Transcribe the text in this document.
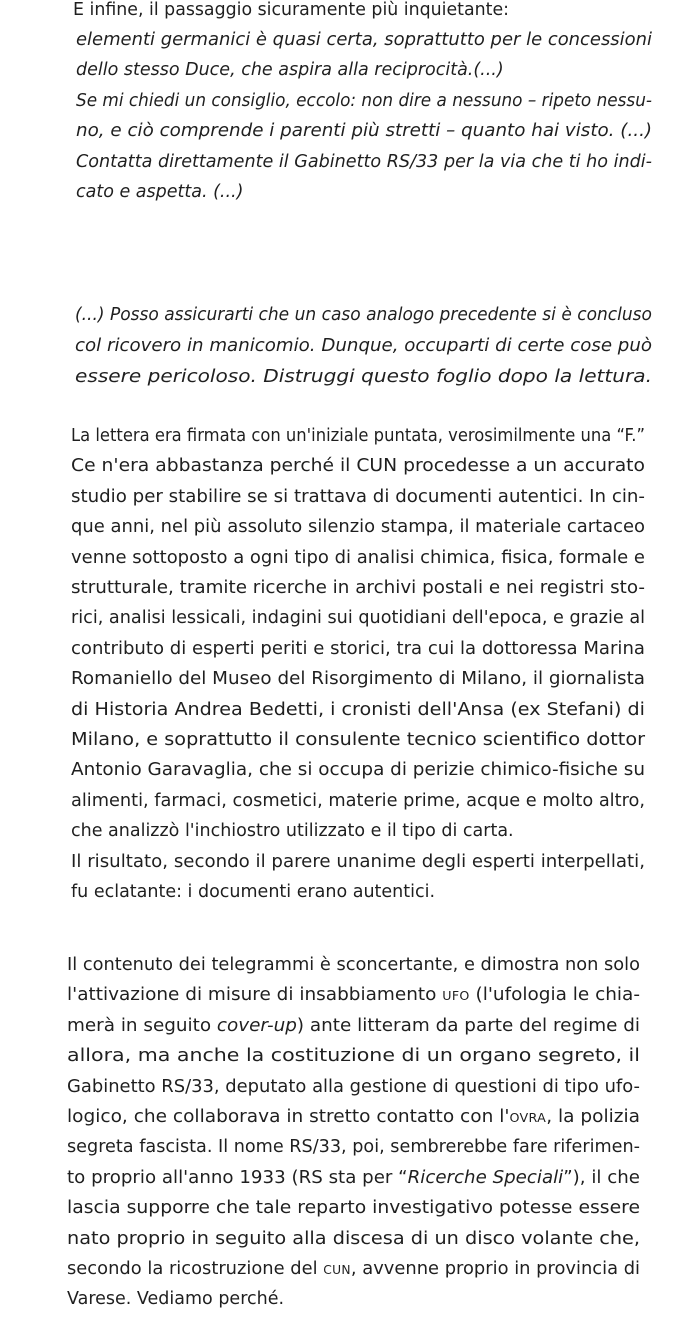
elementi germanici è quasi certa, soprattutto per le concessioni
dello stesso Duce, che aspira alla reciprocità.(...)
Se mi chiedi un consiglio, eccolo: non dire a nessuno – ripeto nessu-
no, e ciò comprende i parenti più stretti – quanto hai visto. (...)
Contatta direttamente il Gabinetto RS/33 per la via che ti ho indi-
cato e aspetta. (...)
E infine, il passaggio sicuramente più inquietante:
(...) Posso assicurarti che un caso analogo precedente si è concluso
col ricovero in manicomio. Dunque, occuparti di certe cose può
essere pericoloso. Distruggi questo foglio dopo la lettura.
La lettera era firmata con un'iniziale puntata, verosimilmente una “F.”
Ce n'era abbastanza perché il CUN procedesse a un accurato
studio per stabilire se si trattava di documenti autentici. In cin-
que anni, nel più assoluto silenzio stampa, il materiale cartaceo
venne sottoposto a ogni tipo di analisi chimica, fisica, formale e
strutturale, tramite ricerche in archivi postali e nei registri sto-
rici, analisi lessicali, indagini sui quotidiani dell'epoca, e grazie al
contributo di esperti periti e storici, tra cui la dottoressa Marina
Romaniello del Museo del Risorgimento di Milano, il giornalista
di Historia Andrea Bedetti, i cronisti dell'Ansa (ex Stefani) di
Milano, e soprattutto il consulente tecnico scientifico dottor
Antonio Garavaglia, che si occupa di perizie chimico-fisiche su
alimenti, farmaci, cosmetici, materie prime, acque e molto altro,
che analizzò l'inchiostro utilizzato e il tipo di carta.
Il risultato, secondo il parere unanime degli esperti interpellati,
fu eclatante: i documenti erano autentici.
Il contenuto dei telegrammi è sconcertante, e dimostra non solo
l'attivazione di misure di insabbiamento ufo (l'ufologia le chia-
merà in seguito cover-up) ante litteram da parte del regime di
allora, ma anche la costituzione di un organo segreto, il
Gabinetto RS/33, deputato alla gestione di questioni di tipo ufo-
logico, che collaborava in stretto contatto con l'ovra, la polizia
segreta fascista. Il nome RS/33, poi, sembrerebbe fare riferimen-
to proprio all'anno 1933 (RS sta per “Ricerche Speciali”), il che
lascia supporre che tale reparto investigativo potesse essere
nato proprio in seguito alla discesa di un disco volante che,
secondo la ricostruzione del cun, avvenne proprio in provincia di
Varese. Vediamo perché.
